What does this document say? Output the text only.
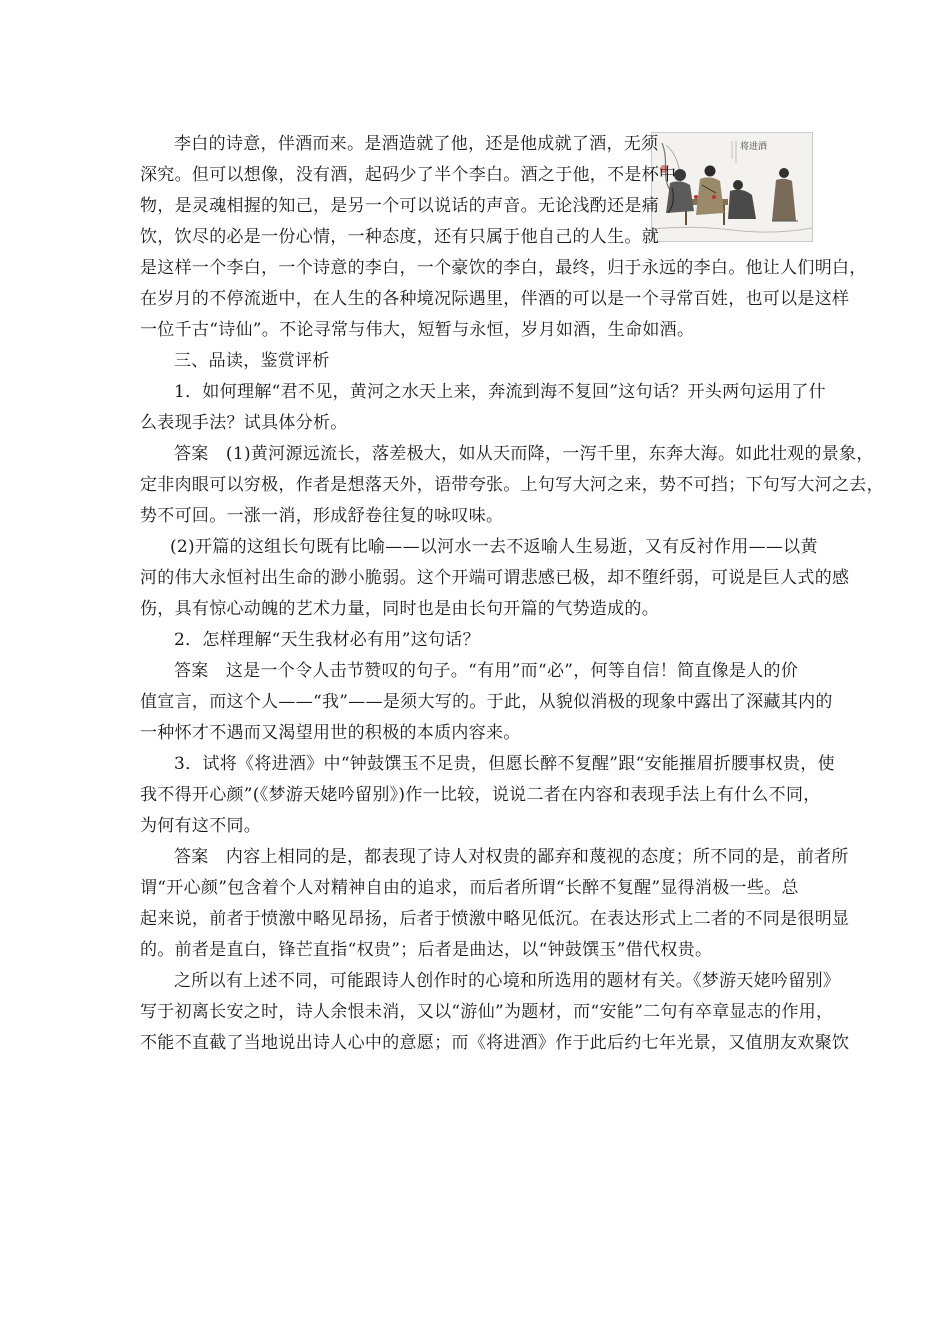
将进酒
李白的诗意，伴酒而来。是酒造就了他，还是他成就了酒，无须
深究。但可以想像，没有酒，起码少了半个李白。酒之于他，不是杯中
物，是灵魂相握的知己，是另一个可以说话的声音。无论浅酌还是痛
饮，饮尽的必是一份心情，一种态度，还有只属于他自己的人生。就
是这样一个李白，一个诗意的李白，一个豪饮的李白，最终，归于永远的李白。他让人们明白，
在岁月的不停流逝中，在人生的各种境况际遇里，伴酒的可以是一个寻常百姓，也可以是这样
一位千古“诗仙”。不论寻常与伟大，短暂与永恒，岁月如酒，生命如酒。
三、品读，鉴赏评析
1．如何理解“君不见，黄河之水天上来，奔流到海不复回”这句话？开头两句运用了什
么表现手法？试具体分析。
答案　(1)黄河源远流长，落差极大，如从天而降，一泻千里，东奔大海。如此壮观的景象，
定非肉眼可以穷极，作者是想落天外，语带夸张。上句写大河之来，势不可挡；下句写大河之去，
势不可回。一涨一消，形成舒卷往复的咏叹味。
(2)开篇的这组长句既有比喻——以河水一去不返喻人生易逝，又有反衬作用——以黄
河的伟大永恒衬出生命的渺小脆弱。这个开端可谓悲感已极，却不堕纤弱，可说是巨人式的感
伤，具有惊心动魄的艺术力量，同时也是由长句开篇的气势造成的。
2．怎样理解“天生我材必有用”这句话？
答案　这是一个令人击节赞叹的句子。“有用”而“必”，何等自信！简直像是人的价
值宣言，而这个人——“我”——是须大写的。于此，从貌似消极的现象中露出了深藏其内的
一种怀才不遇而又渴望用世的积极的本质内容来。
3．试将《将进酒》中“钟鼓馔玉不足贵，但愿长醉不复醒”跟“安能摧眉折腰事权贵，使
我不得开心颜”(《梦游天姥吟留别》)作一比较，说说二者在内容和表现手法上有什么不同，
为何有这不同。
答案　内容上相同的是，都表现了诗人对权贵的鄙弃和蔑视的态度；所不同的是，前者所
谓“开心颜”包含着个人对精神自由的追求，而后者所谓“长醉不复醒”显得消极一些。总
起来说，前者于愤激中略见昂扬，后者于愤激中略见低沉。在表达形式上二者的不同是很明显
的。前者是直白，锋芒直指“权贵”；后者是曲达，以“钟鼓馔玉”借代权贵。
之所以有上述不同，可能跟诗人创作时的心境和所选用的题材有关。《梦游天姥吟留别》
写于初离长安之时，诗人余恨未消，又以“游仙”为题材，而“安能”二句有卒章显志的作用，
不能不直截了当地说出诗人心中的意愿；而《将进酒》作于此后约七年光景，又值朋友欢聚饮
